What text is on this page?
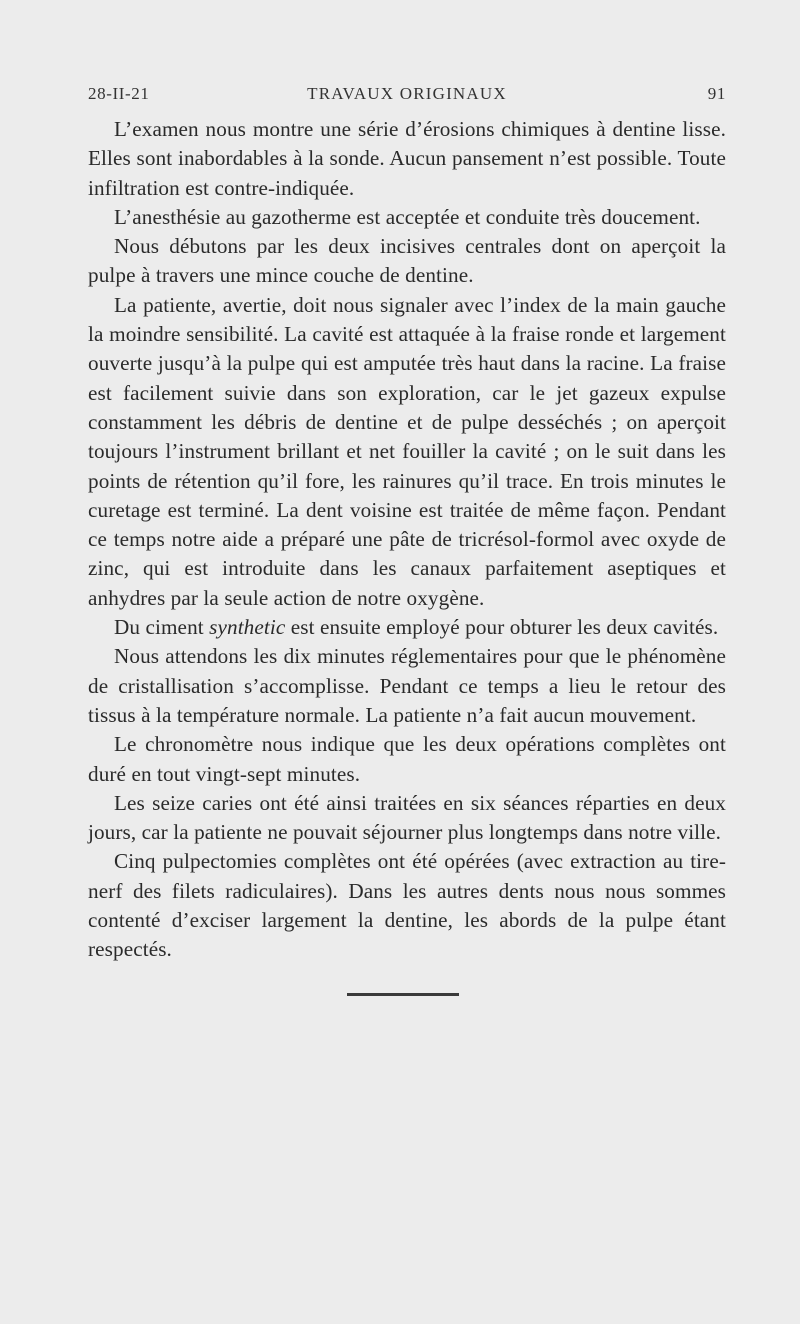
28-II-21	TRAVAUX ORIGINAUX	91

L’examen nous montre une série d’érosions chimiques à dentine lisse. Elles sont inabordables à la sonde. Aucun pansement n’est possible. Toute infiltration est contre-indiquée.

L’anesthésie au gazotherme est acceptée et conduite très doucement.

Nous débutons par les deux incisives centrales dont on aperçoit la pulpe à travers une mince couche de dentine.

La patiente, avertie, doit nous signaler avec l’index de la main gauche la moindre sensibilité. La cavité est attaquée à la fraise ronde et largement ouverte jusqu’à la pulpe qui est amputée très haut dans la racine. La fraise est facilement suivie dans son exploration, car le jet gazeux expulse constamment les débris de dentine et de pulpe desséchés ; on aperçoit toujours l’instrument brillant et net fouiller la cavité ; on le suit dans les points de rétention qu’il fore, les rainures qu’il trace. En trois minutes le curetage est terminé. La dent voisine est traitée de même façon. Pendant ce temps notre aide a préparé une pâte de tricrésol-formol avec oxyde de zinc, qui est introduite dans les canaux parfaitement aseptiques et anhydres par la seule action de notre oxygène.

Du ciment synthetic est ensuite employé pour obturer les deux cavités.

Nous attendons les dix minutes réglementaires pour que le phénomène de cristallisation s’accomplisse. Pendant ce temps a lieu le retour des tissus à la température normale. La patiente n’a fait aucun mouvement.

Le chronomètre nous indique que les deux opérations complètes ont duré en tout vingt-sept minutes.

Les seize caries ont été ainsi traitées en six séances réparties en deux jours, car la patiente ne pouvait séjourner plus longtemps dans notre ville.

Cinq pulpectomies complètes ont été opérées (avec extraction au tire-nerf des filets radiculaires). Dans les autres dents nous nous sommes contenté d’exciser largement la dentine, les abords de la pulpe étant respectés.
